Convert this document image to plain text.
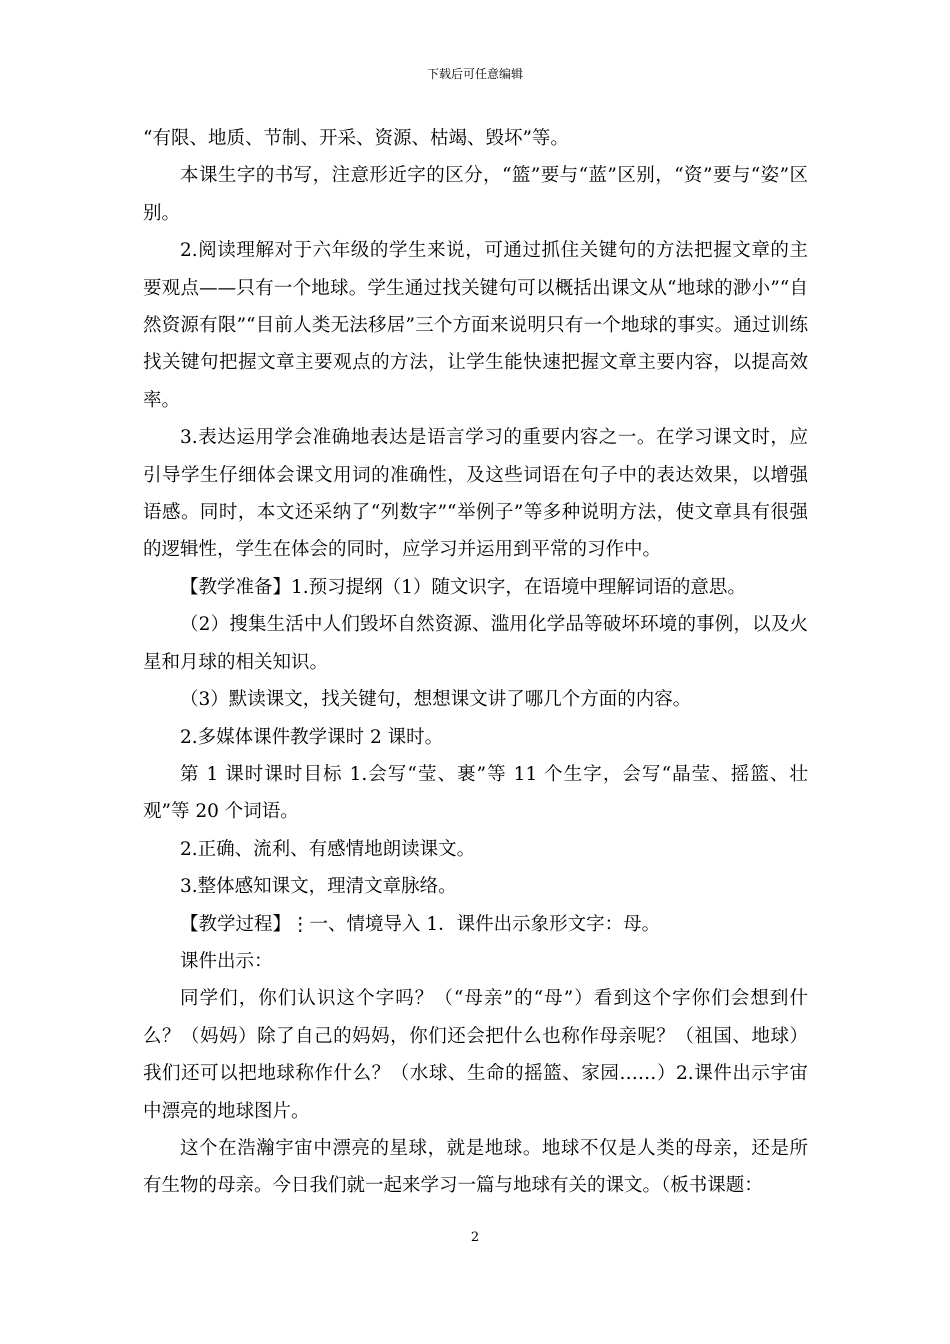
下载后可任意编辑

“有限、地质、节制、开采、资源、枯竭、毁坏”等。

本课生字的书写，注意形近字的区分，“篮”要与“蓝”区别，“资”要与“姿”区别。

2.阅读理解对于六年级的学生来说，可通过抓住关键句的方法把握文章的主要观点——只有一个地球。学生通过找关键句可以概括出课文从“地球的渺小”“自然资源有限”“目前人类无法移居”三个方面来说明只有一个地球的事实。通过训练找关键句把握文章主要观点的方法，让学生能快速把握文章主要内容，以提高效率。

3.表达运用学会准确地表达是语言学习的重要内容之一。在学习课文时，应引导学生仔细体会课文用词的准确性，及这些词语在句子中的表达效果，以增强语感。同时，本文还采纳了“列数字”“举例子”等多种说明方法，使文章具有很强的逻辑性，学生在体会的同时，应学习并运用到平常的习作中。

【教学准备】1.预习提纲（1）随文识字，在语境中理解词语的意思。

（2）搜集生活中人们毁坏自然资源、滥用化学品等破坏环境的事例，以及火星和月球的相关知识。

（3）默读课文，找关键句，想想课文讲了哪几个方面的内容。

2.多媒体课件教学课时 2 课时。

第 1 课时课时目标 1.会写“莹、裹”等 11 个生字，会写“晶莹、摇篮、壮观”等 20 个词语。

2.正确、流利、有感情地朗读课文。

3.整体感知课文，理清文章脉络。

【教学过程】⋮一、情境导入 1．课件出示象形文字：母。

课件出示：

同学们，你们认识这个字吗？（“母亲”的“母”）看到这个字你们会想到什么？（妈妈）除了自己的妈妈，你们还会把什么也称作母亲呢？（祖国、地球）我们还可以把地球称作什么？（水球、生命的摇篮、家园……）2.课件出示宇宙中漂亮的地球图片。

这个在浩瀚宇宙中漂亮的星球，就是地球。地球不仅是人类的母亲，还是所有生物的母亲。今日我们就一起来学习一篇与地球有关的课文。（板书课题：

2
